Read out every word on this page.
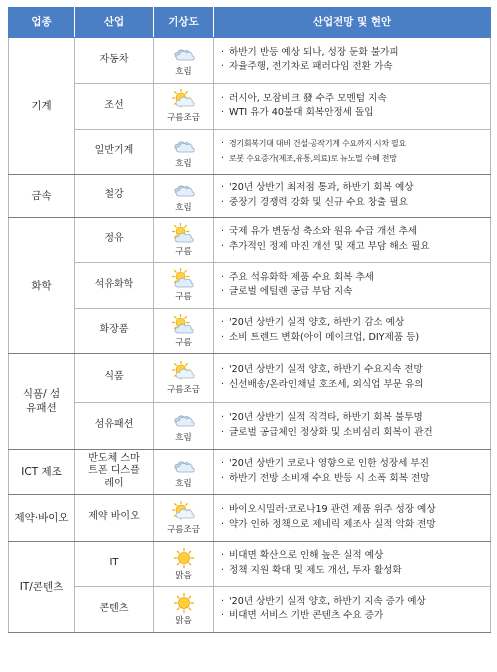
업종	산업	기상도	산업전망 및 현안
기계	자동차	흐림	· 하반기 반등 예상 되나, 성장 둔화 불가피
· 자율주행, 전기차로 패러다임 전환 가속

	조선	구름조금	· 러시아, 모잠비크 發 수주 모멘텀 지속
· WTI 유가 40불대 회복안정세 돌입

	일반기계	흐림	· 경기회복기대 대비 건설·공작기계 수요까지 시차 필요
· 로봇 수요증가(제조,유통,의료)로 뉴노멀 수혜 전망

금속	철강	흐림	· '20년 상반기 최저점 통과, 하반기 회복 예상
· 중장기 경쟁력 강화 및 신규 수요 창출 필요

화학	정유	구름	· 국제 유가 변동성 축소와 원유 수급 개선 추세
· 추가적인 정제 마진 개선 및 재고 부담 해소 필요

	석유화학	구름	· 주요 석유화학 제품 수요 회복 추세
· 글로벌 에틸렌 공급 부담 지속

	화장품	구름	· '20년 상반기 실적 양호, 하반기 감소 예상
· 소비 트렌드 변화(아이 메이크업, DIY제품 등)

식품/ 섬유패션	식품	구름조금	· '20년 상반기 실적 양호, 하반기 수요지속 전망
· 신선배송/온라인채널 호조세, 외식업 부문 유의

	섬유패션	흐림	· '20년 상반기 실적 직격타, 하반기 회복 불투명
· 글로벌 공급체인 정상화 및 소비심리 회복이 관건

ICT 제조	반도체 스마트폰 디스플레이	흐림	· '20년 상반기 코로나 영향으로 인한 성장세 부진
· 하반기 전방 소비재 수요 반등 시 소폭 회복 전망

제약·바이오	제약 바이오	구름조금	· 바이오시밀러·코로나19 관련 제품 위주 성장 예상
· 약가 인하 정책으로 제네릭 제조사 실적 악화 전망

IT/콘텐츠	IT	맑음	· 비대면 확산으로 인해 높은 실적 예상
· 정책 지원 확대 및 제도 개선, 투자 활성화

	콘텐츠	맑음	· '20년 상반기 실적 양호, 하반기 지속 증가 예상
· 비대면 서비스 기반 콘텐츠 수요 증가
